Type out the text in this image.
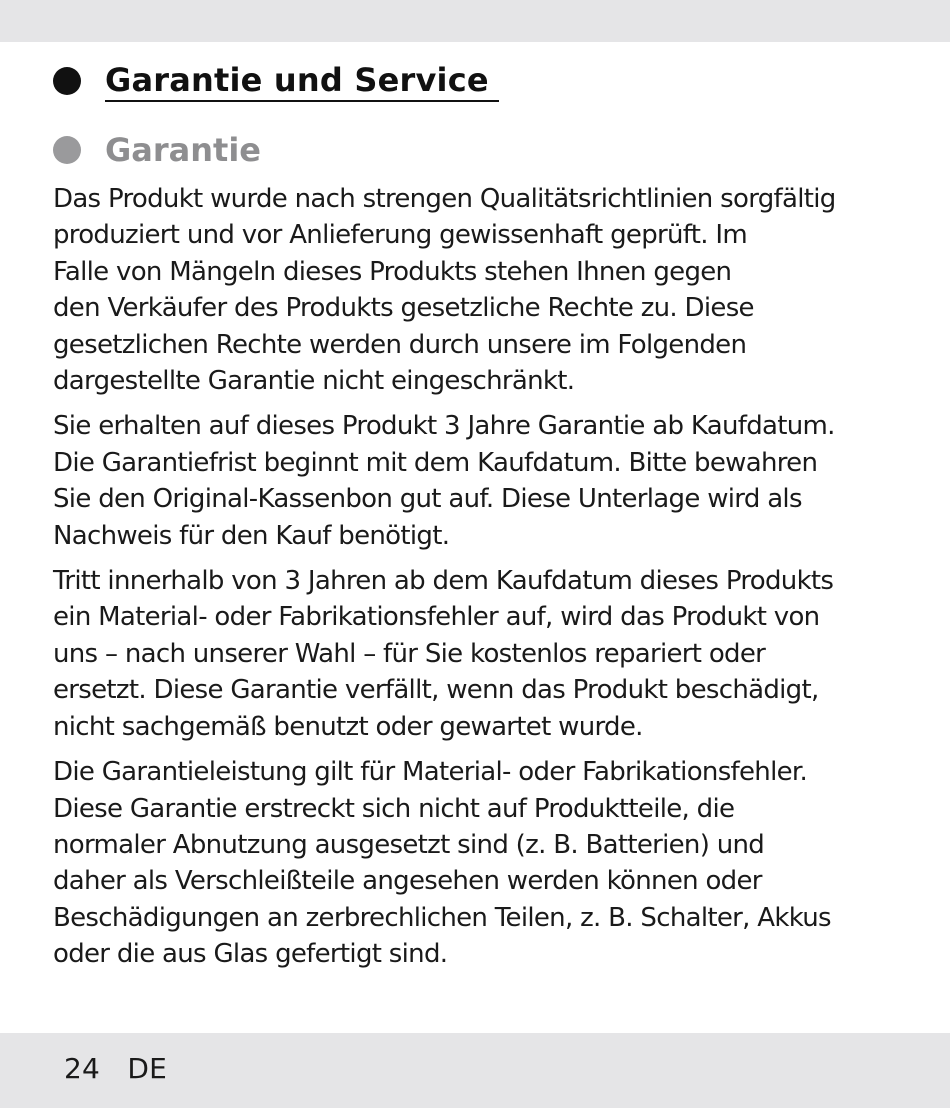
Garantie und Service
Garantie

Das Produkt wurde nach strengen Qualitätsrichtlinien sorgfältig
produziert und vor Anlieferung gewissenhaft geprüft. Im
Falle von Mängeln dieses Produkts stehen Ihnen gegen
den Verkäufer des Produkts gesetzliche Rechte zu. Diese
gesetzlichen Rechte werden durch unsere im Folgenden
dargestellte Garantie nicht eingeschränkt.

Sie erhalten auf dieses Produkt 3 Jahre Garantie ab Kaufdatum.
Die Garantiefrist beginnt mit dem Kaufdatum. Bitte bewahren
Sie den Original-Kassenbon gut auf. Diese Unterlage wird als
Nachweis für den Kauf benötigt.

Tritt innerhalb von 3 Jahren ab dem Kaufdatum dieses Produkts
ein Material- oder Fabrikationsfehler auf, wird das Produkt von
uns – nach unserer Wahl – für Sie kostenlos repariert oder
ersetzt. Diese Garantie verfällt, wenn das Produkt beschädigt,
nicht sachgemäß benutzt oder gewartet wurde.

Die Garantieleistung gilt für Material- oder Fabrikationsfehler.
Diese Garantie erstreckt sich nicht auf Produktteile, die
normaler Abnutzung ausgesetzt sind (z. B. Batterien) und
daher als Verschleißteile angesehen werden können oder
Beschädigungen an zerbrechlichen Teilen, z. B. Schalter, Akkus
oder die aus Glas gefertigt sind.

24 DE
